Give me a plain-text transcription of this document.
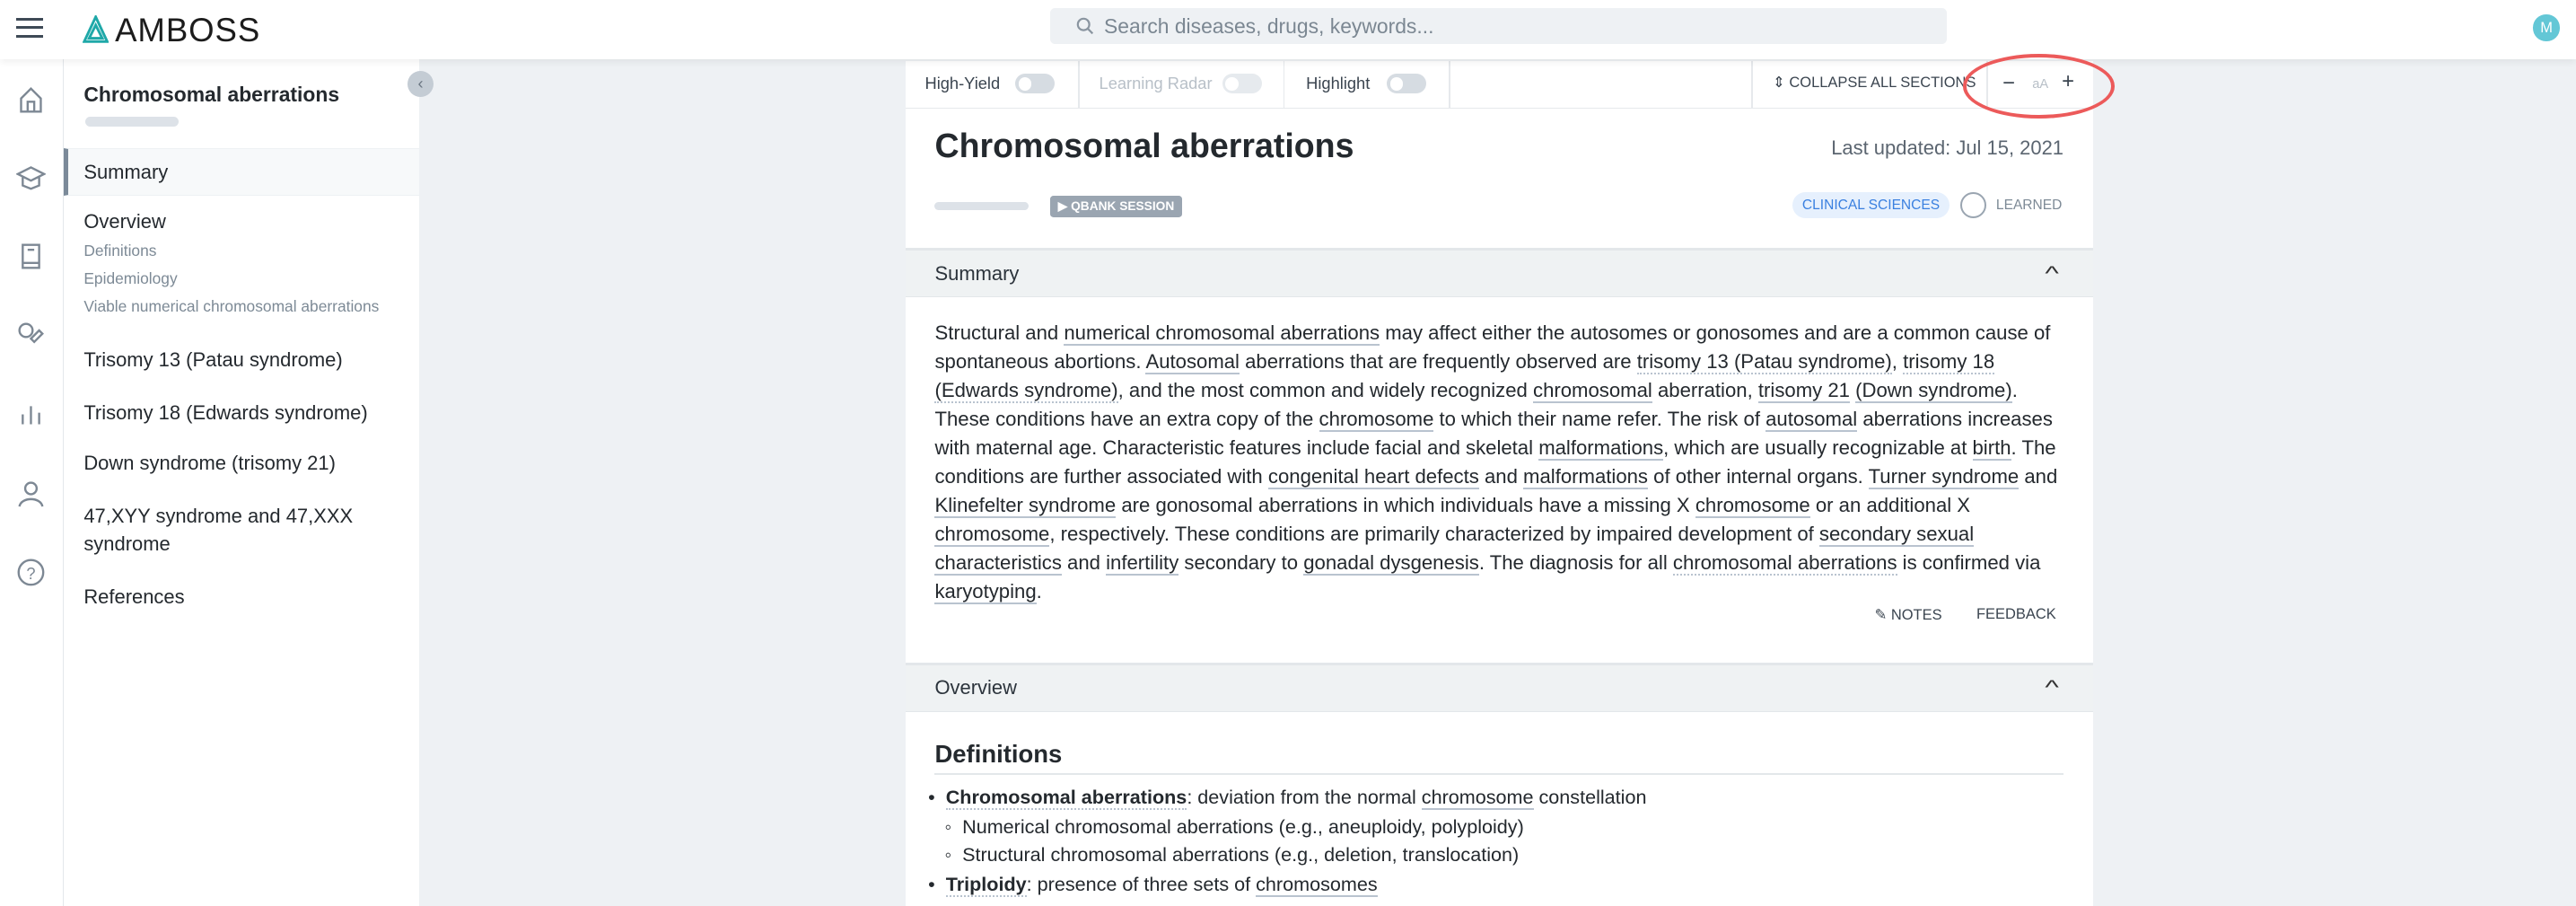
AMBOSS
Search diseases, drugs, keywords...	M
?
Chromosomal aberrations
Summary
Overview
Definitions
Epidemiology
Viable numerical chromosomal aberrations
Trisomy 13 (Patau syndrome)
Trisomy 18 (Edwards syndrome)
Down syndrome (trisomy 21)
47,XYY syndrome and 47,XXX
syndrome
References
‹	High-Yield	Learning Radar	Highlight	⇕ COLLAPSE ALL SECTIONS − aA +
Chromosomal aberrations	Last updated: Jul 15, 2021
▶ QBANK SESSION	CLINICAL SCIENCES	LEARNED
Summary	^

Structural and numerical chromosomal aberrations may affect either the autosomes or gonosomes and are a common cause of spontaneous abortions. Autosomal aberrations that are frequently observed are trisomy 13 (Patau syndrome), trisomy 18 (Edwards syndrome), and the most common and widely recognized chromosomal aberration, trisomy 21 (Down syndrome). These conditions have an extra copy of the chromosome to which their name refer. The risk of autosomal aberrations increases with maternal age. Characteristic features include facial and skeletal malformations, which are usually recognizable at birth. The conditions are further associated with congenital heart defects and malformations of other internal organs. Turner syndrome and Klinefelter syndrome are gonosomal aberrations in which individuals have a missing X chromosome or an additional X chromosome, respectively. These conditions are primarily characterized by impaired development of secondary sexual characteristics and infertility secondary to gonadal dysgenesis. The diagnosis for all chromosomal aberrations is confirmed via karyotyping.

✎ NOTES	FEEDBACK
Overview	^
Definitions
•  Chromosomal aberrations: deviation from the normal chromosome constellation
◦  Numerical chromosomal aberrations (e.g., aneuploidy, polyploidy)
◦  Structural chromosomal aberrations (e.g., deletion, translocation)
•  Triploidy: presence of three sets of chromosomes
